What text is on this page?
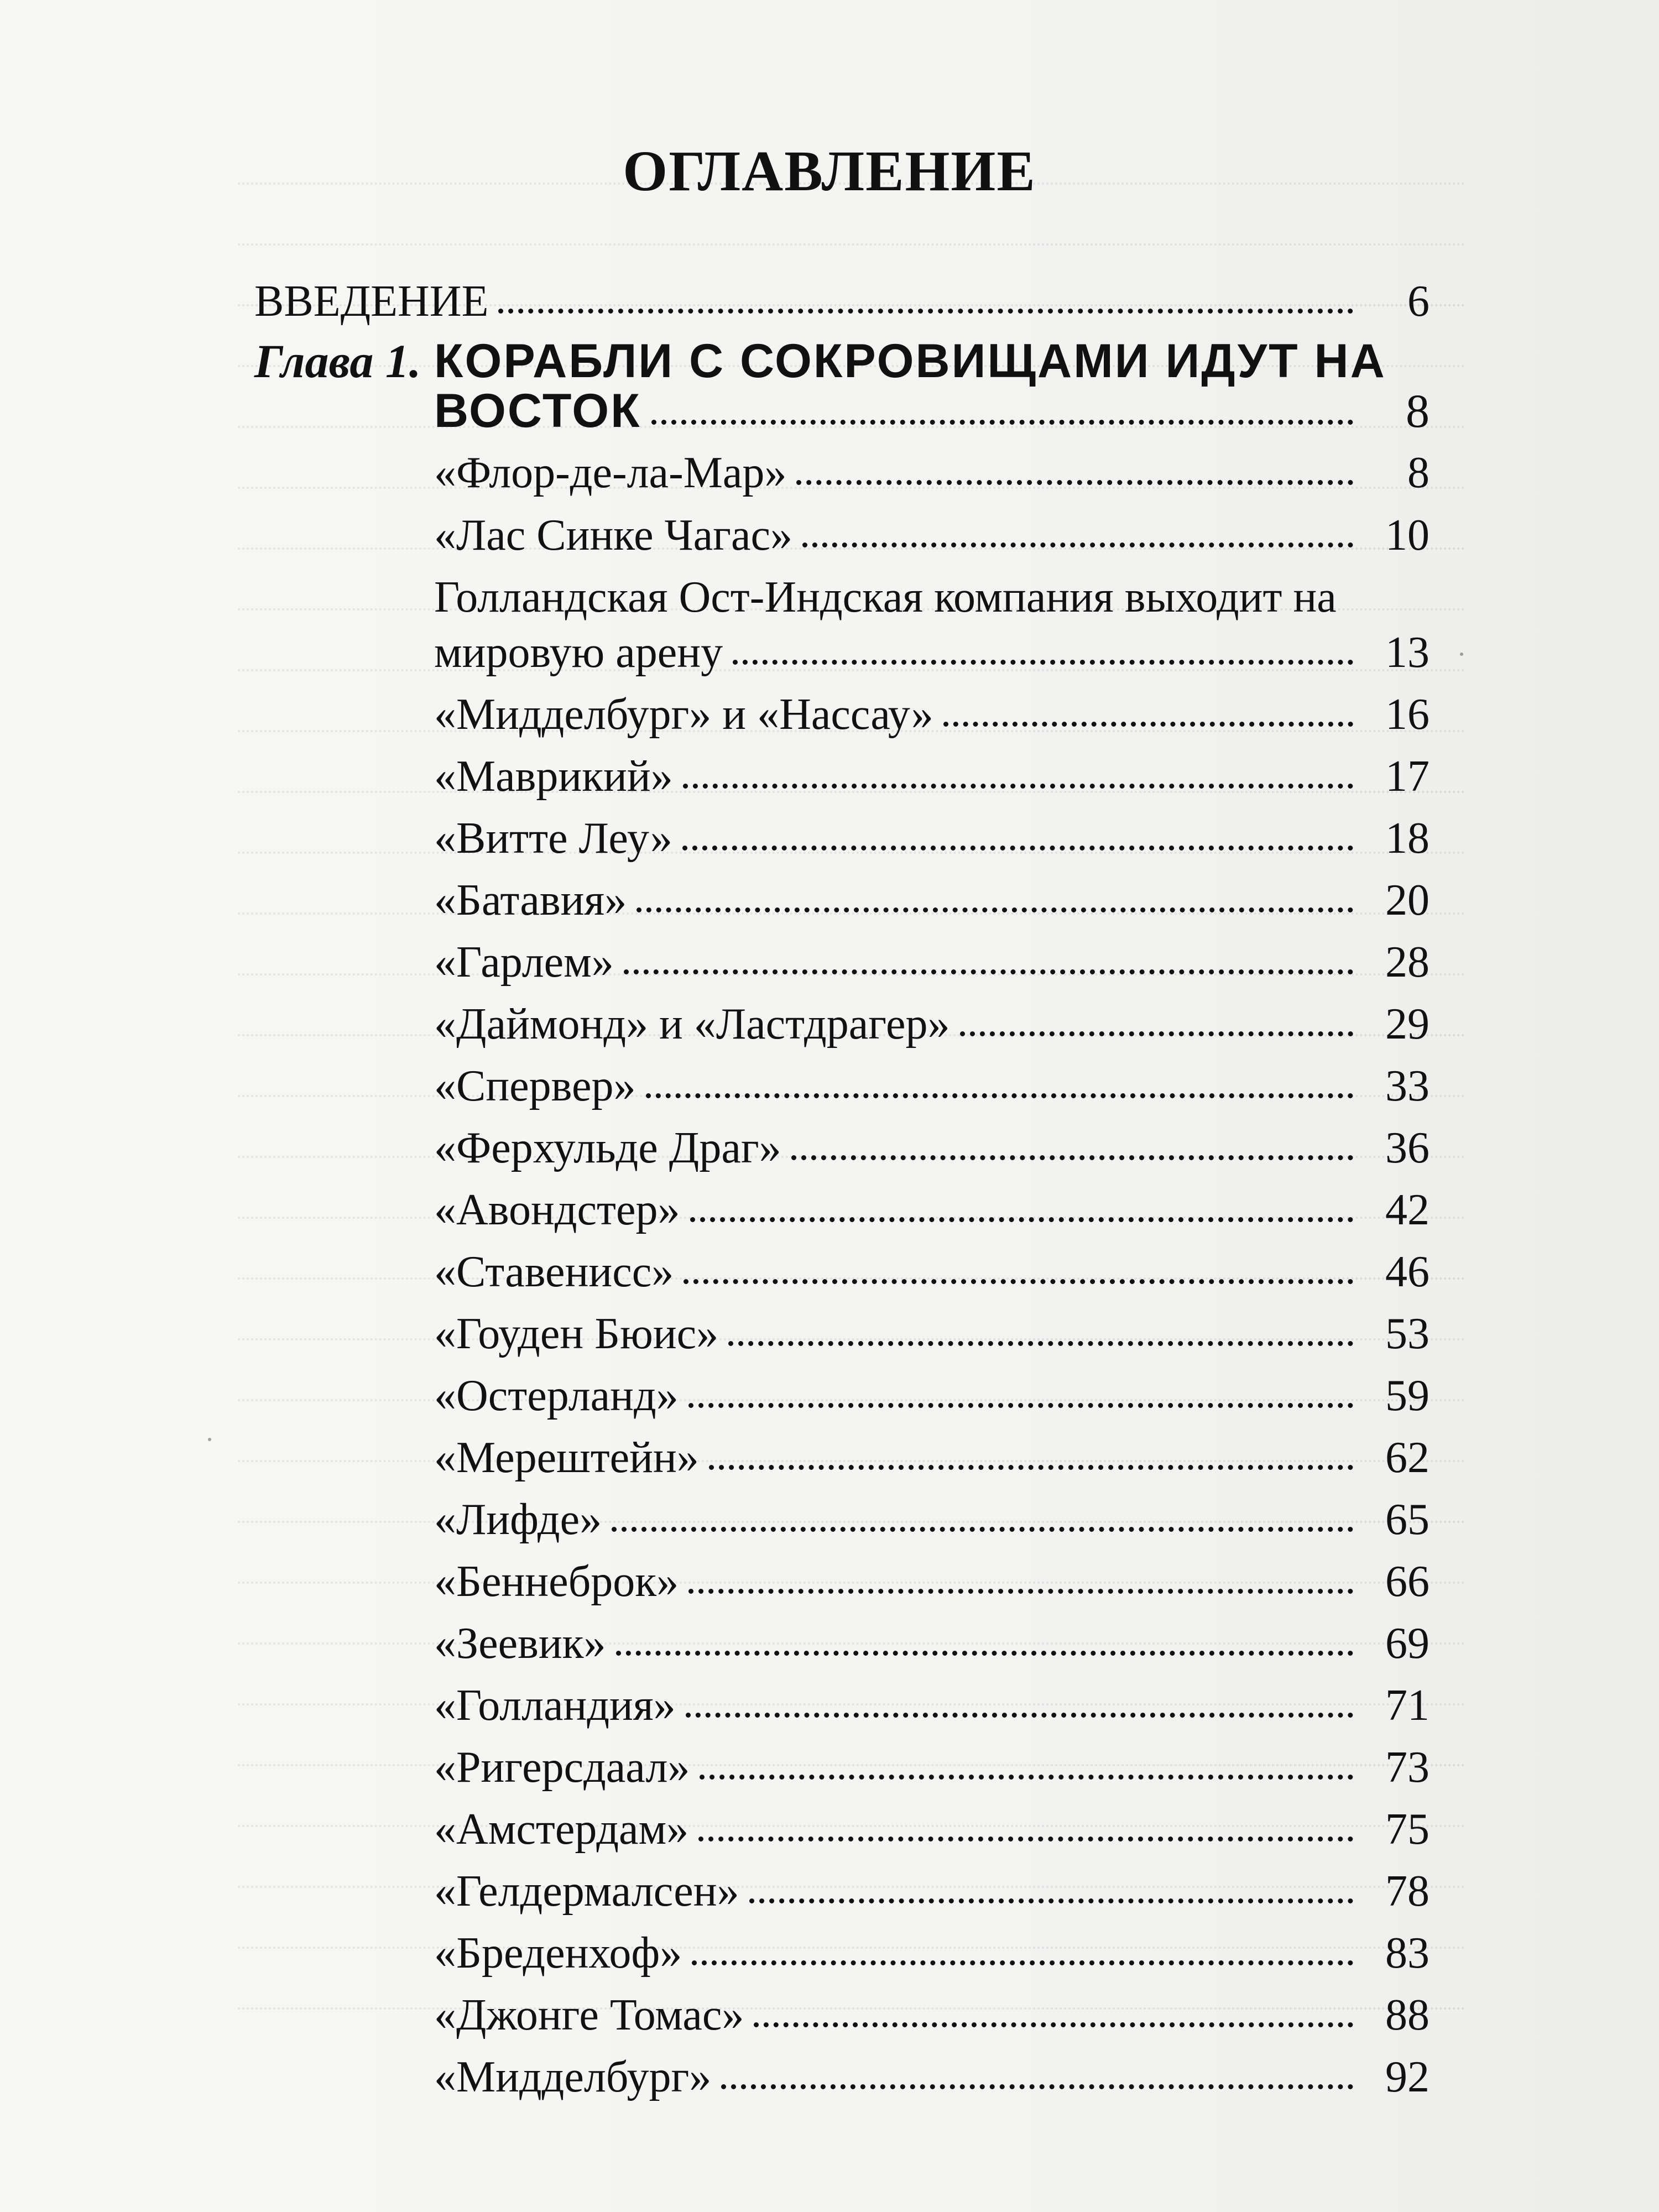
ОГЛАВЛЕНИЕ
ВВЕДЕНИЕ	6
Глава 1. КОРАБЛИ С СОКРОВИЩАМИ ИДУТ НА
ВОСТОК	8
«Флор-де-ла-Мар»	8
«Лас Синке Чагас»	10
Голландская Ост-Индская компания выходит на
мировую арену	13
«Мидделбург» и «Нассау»	16
«Маврикий»	17
«Витте Леу»	18
«Батавия»	20
«Гарлем»	28
«Даймонд» и «Ластдрагер»	29
«Спервер»	33
«Ферхульде Драг»	36
«Авондстер»	42
«Ставенисс»	46
«Гоуден Бюис»	53
«Остерланд»	59
«Мерештейн»	62
«Лифде»	65
«Беннеброк»	66
«Зеевик»	69
«Голландия»	71
«Ригерсдаал»	73
«Амстердам»	75
«Гелдермалсен»	78
«Бреденхоф»	83
«Джонге Томас»	88
«Мидделбург»	92
